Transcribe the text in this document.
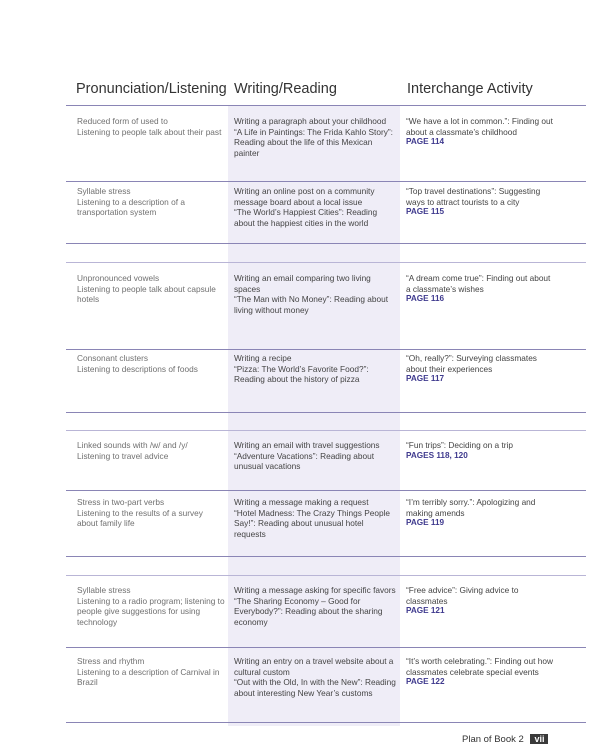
Pronunciation/Listening Writing/Reading	Interchange Activity
Reduced form of used to
Listening to people talk about their past
Writing a paragraph about your childhood
“A Life in Paintings: The Frida Kahlo Story”: Reading about the life of this Mexican painter
“We have a lot in common.”: Finding out about a classmate’s childhood
PAGE 114
Syllable stress
Listening to a description of a transportation system
Writing an online post on a community message board about a local issue
“The World’s Happiest Cities”: Reading about the happiest cities in the world
“Top travel destinations”: Suggesting ways to attract tourists to a city
PAGE 115
Unpronounced vowels
Listening to people talk about capsule hotels
Writing an email comparing two living spaces
“The Man with No Money”: Reading about living without money
“A dream come true”: Finding out about a classmate’s wishes
PAGE 116
Consonant clusters
Listening to descriptions of foods
Writing a recipe
“Pizza: The World’s Favorite Food?”: Reading about the history of pizza
“Oh, really?”: Surveying classmates about their experiences
PAGE 117
Linked sounds with /w/ and /y/
Listening to travel advice
Writing an email with travel suggestions
“Adventure Vacations”: Reading about unusual vacations
“Fun trips”: Deciding on a trip
PAGES 118, 120
Stress in two-part verbs
Listening to the results of a survey about family life
Writing a message making a request
“Hotel Madness: The Crazy Things People Say!”: Reading about unusual hotel requests
“I’m terribly sorry.”: Apologizing and making amends
PAGE 119
Syllable stress
Listening to a radio program; listening to people give suggestions for using technology
Writing a message asking for specific favors
“The Sharing Economy – Good for Everybody?”: Reading about the sharing economy
“Free advice”: Giving advice to classmates
PAGE 121
Stress and rhythm
Listening to a description of Carnival in Brazil
Writing an entry on a travel website about a cultural custom
“Out with the Old, In with the New”: Reading about interesting New Year’s customs
“It’s worth celebrating.”: Finding out how classmates celebrate special events
PAGE 122
Plan of Book 2 vii
